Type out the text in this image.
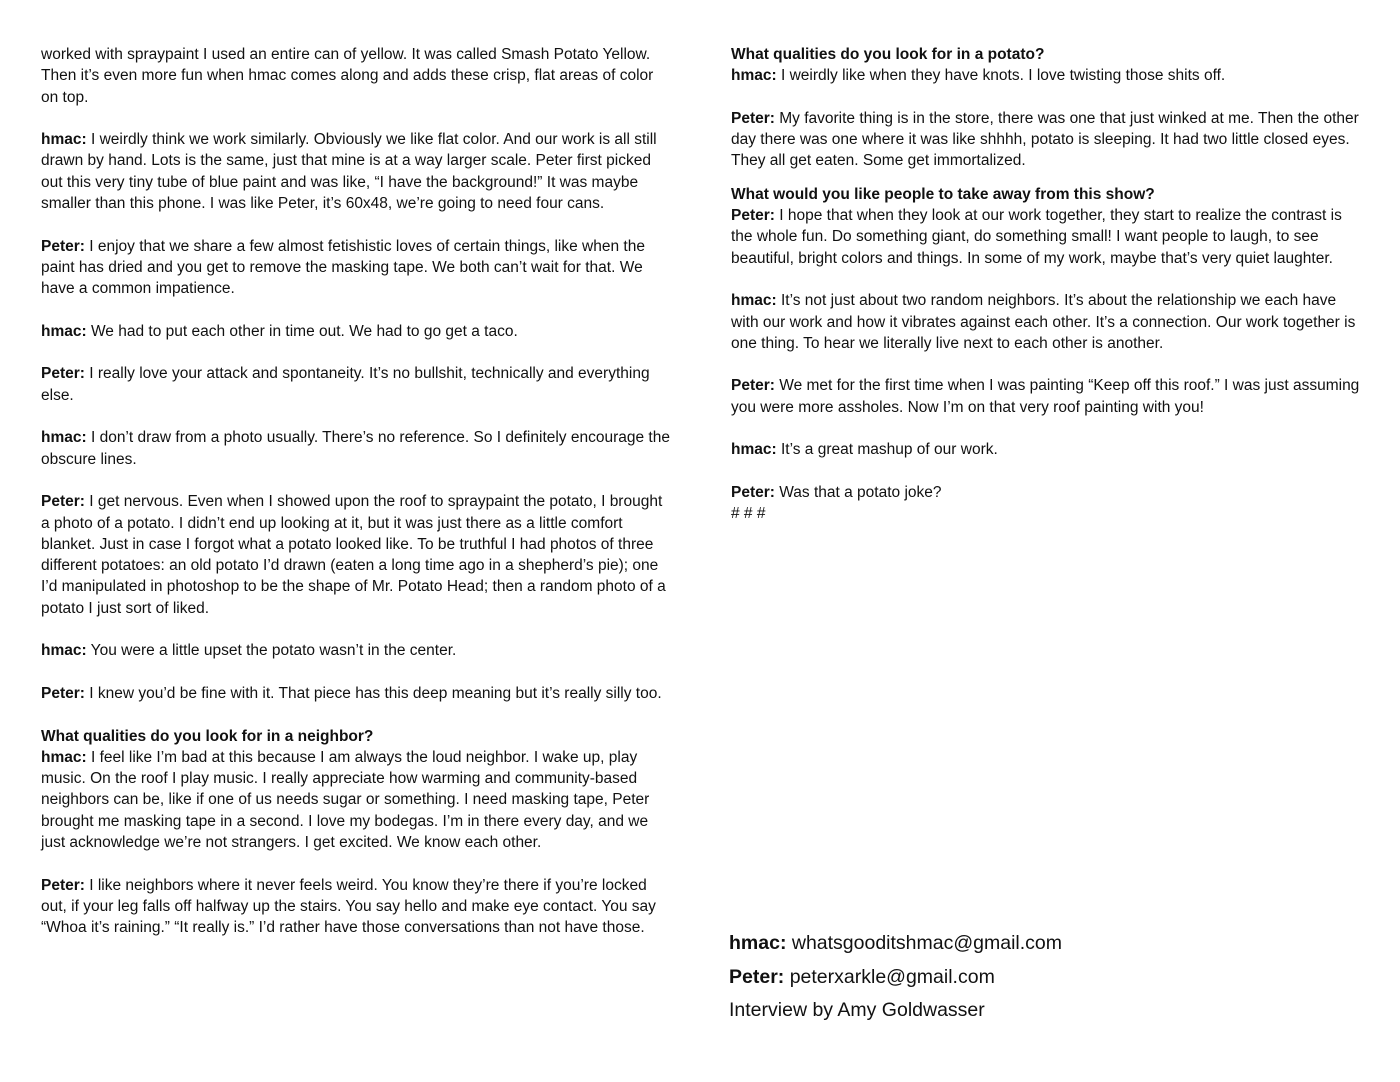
worked with spraypaint I used an entire can of yellow. It was called Smash Potato Yellow. Then it’s even more fun when hmac comes along and adds these crisp, flat areas of color on top.

hmac: I weirdly think we work similarly. Obviously we like flat color. And our work is all still drawn by hand. Lots is the same, just that mine is at a way larger scale. Peter first picked out this very tiny tube of blue paint and was like, “I have the background!” It was maybe smaller than this phone. I was like Peter, it’s 60x48, we’re going to need four cans.

Peter: I enjoy that we share a few almost fetishistic loves of certain things, like when the paint has dried and you get to remove the masking tape. We both can’t wait for that. We have a common impatience.

hmac: We had to put each other in time out. We had to go get a taco.

Peter: I really love your attack and spontaneity. It’s no bullshit, technically and everything else.

hmac: I don’t draw from a photo usually. There’s no reference. So I definitely encourage the obscure lines.

Peter: I get nervous. Even when I showed upon the roof to spraypaint the potato, I brought a photo of a potato. I didn’t end up looking at it, but it was just there as a little comfort blanket. Just in case I forgot what a potato looked like. To be truthful I had photos of three different potatoes: an old potato I’d drawn (eaten a long time ago in a shepherd’s pie); one I’d manipulated in photoshop to be the shape of Mr. Potato Head; then a random photo of a potato I just sort of liked.

hmac: You were a little upset the potato wasn’t in the center.

Peter: I knew you’d be fine with it. That piece has this deep meaning but it’s really silly too.

What qualities do you look for in a neighbor?
hmac: I feel like I’m bad at this because I am always the loud neighbor. I wake up, play music. On the roof I play music. I really appreciate how warming and community-based neighbors can be, like if one of us needs sugar or something. I need masking tape, Peter brought me masking tape in a second. I love my bodegas. I’m in there every day, and we just acknowledge we’re not strangers. I get excited. We know each other.

Peter: I like neighbors where it never feels weird. You know they’re there if you’re locked out, if your leg falls off halfway up the stairs. You say hello and make eye contact. You say “Whoa it’s raining.” “It really is.” I’d rather have those conversations than not have those.

What qualities do you look for in a potato?
hmac: I weirdly like when they have knots. I love twisting those shits off.

Peter: My favorite thing is in the store, there was one that just winked at me. Then the other day there was one where it was like shhhh, potato is sleeping. It had two little closed eyes. They all get eaten. Some get immortalized.

What would you like people to take away from this show?
Peter: I hope that when they look at our work together, they start to realize the contrast is the whole fun. Do something giant, do something small! I want people to laugh, to see beautiful, bright colors and things. In some of my work, maybe that’s very quiet laughter.

hmac: It’s not just about two random neighbors. It’s about the relationship we each have with our work and how it vibrates against each other. It’s a connection. Our work together is one thing. To hear we literally live next to each other is another.

Peter: We met for the first time when I was painting “Keep off this roof.” I was just assuming you were more assholes. Now I’m on that very roof painting with you!

hmac: It’s a great mashup of our work.

Peter: Was that a potato joke?

# # #

hmac: whatsgooditshmac@gmail.com
Peter: peterxarkle@gmail.com
Interview by Amy Goldwasser
